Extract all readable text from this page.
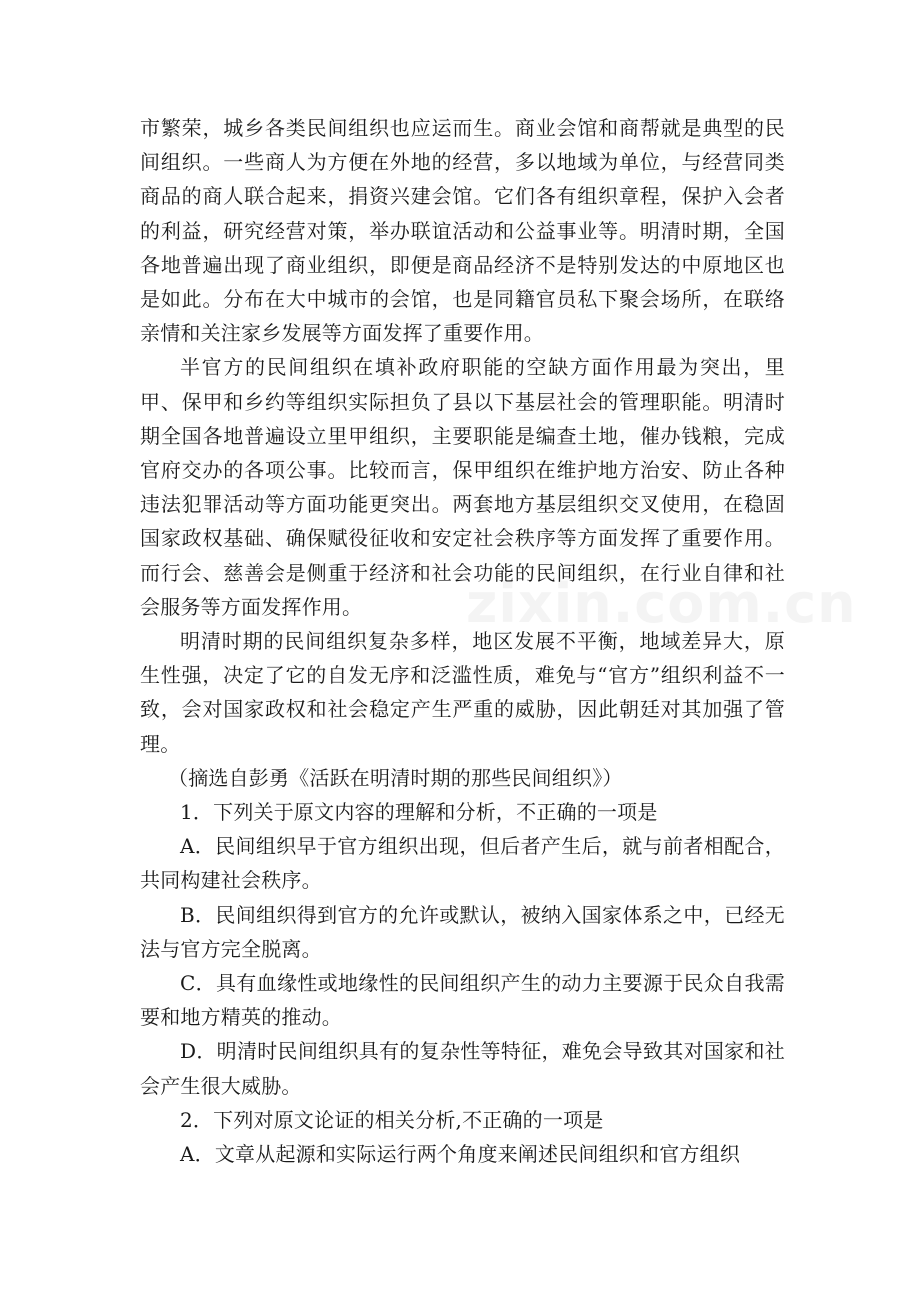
市繁荣，城乡各类民间组织也应运而生。商业会馆和商帮就是典型的民间组织。一些商人为方便在外地的经营，多以地域为单位，与经营同类商品的商人联合起来，捐资兴建会馆。它们各有组织章程，保护入会者的利益，研究经营对策，举办联谊活动和公益事业等。明清时期，全国各地普遍出现了商业组织，即便是商品经济不是特别发达的中原地区也是如此。分布在大中城市的会馆，也是同籍官员私下聚会场所，在联络亲情和关注家乡发展等方面发挥了重要作用。

半官方的民间组织在填补政府职能的空缺方面作用最为突出，里甲、保甲和乡约等组织实际担负了县以下基层社会的管理职能。明清时期全国各地普遍设立里甲组织，主要职能是编查土地，催办钱粮，完成官府交办的各项公事。比较而言，保甲组织在维护地方治安、防止各种违法犯罪活动等方面功能更突出。两套地方基层组织交叉使用，在稳固国家政权基础、确保赋役征收和安定社会秩序等方面发挥了重要作用。而行会、慈善会是侧重于经济和社会功能的民间组织，在行业自律和社会服务等方面发挥作用。

明清时期的民间组织复杂多样，地区发展不平衡，地域差异大，原生性强，决定了它的自发无序和泛滥性质，难免与“官方”组织利益不一致，会对国家政权和社会稳定产生严重的威胁，因此朝廷对其加强了管理。

（摘选自彭勇《活跃在明清时期的那些民间组织》）

1．下列关于原文内容的理解和分析，不正确的一项是

A．民间组织早于官方组织出现，但后者产生后，就与前者相配合，共同构建社会秩序。

B．民间组织得到官方的允许或默认，被纳入国家体系之中，已经无法与官方完全脱离。

C．具有血缘性或地缘性的民间组织产生的动力主要源于民众自我需要和地方精英的推动。

D．明清时民间组织具有的复杂性等特征，难免会导致其对国家和社会产生很大威胁。

2．下列对原文论证的相关分析,不正确的一项是

A．文章从起源和实际运行两个角度来阐述民间组织和官方组织

zixin.com.cn
